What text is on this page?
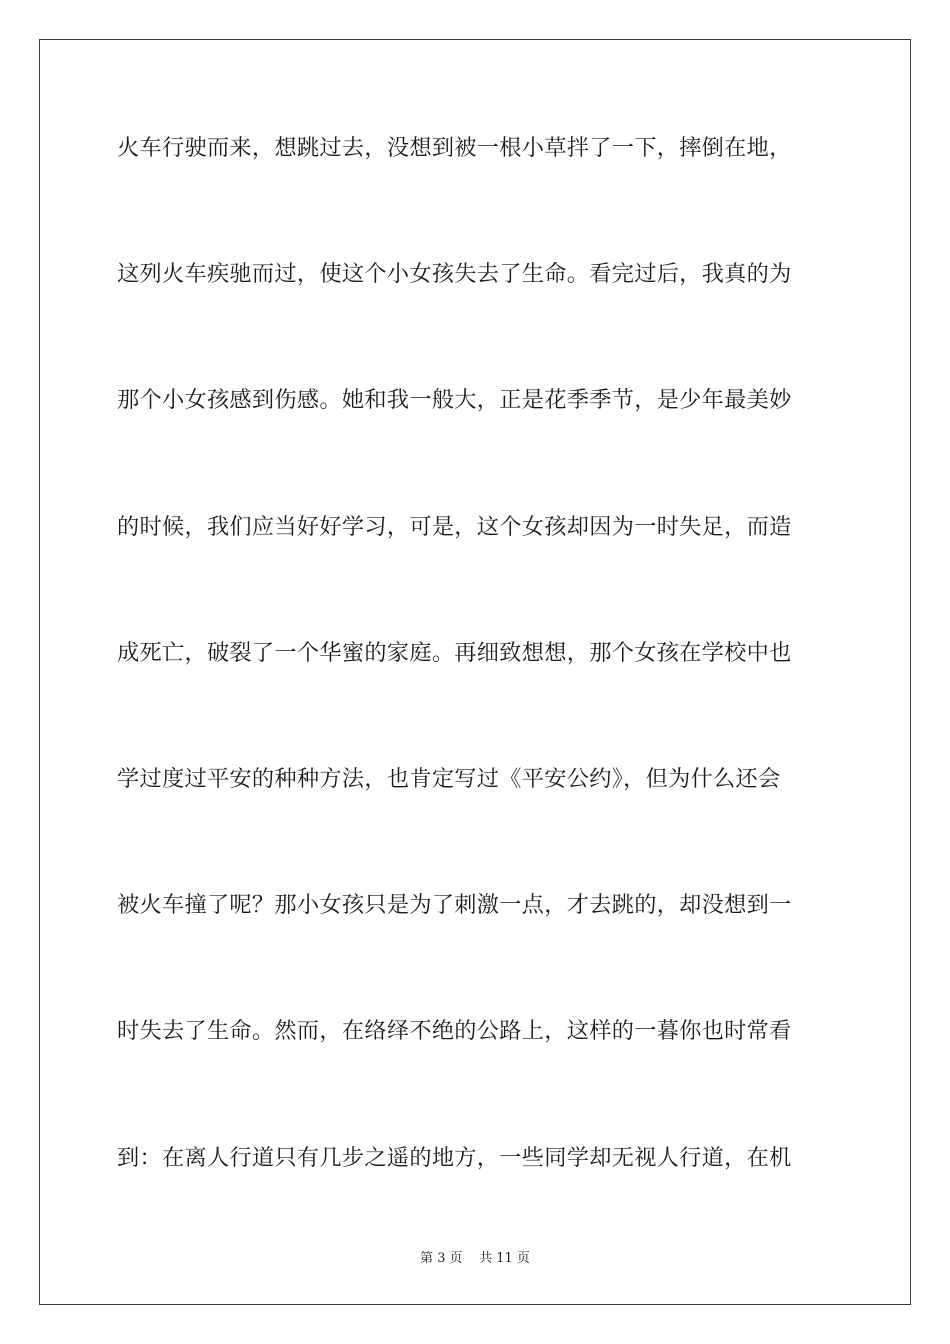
火车行驶而来，想跳过去，没想到被一根小草拌了一下，摔倒在地，
这列火车疾驰而过，使这个小女孩失去了生命。看完过后，我真的为
那个小女孩感到伤感。她和我一般大，正是花季季节，是少年最美妙
的时候，我们应当好好学习，可是，这个女孩却因为一时失足，而造
成死亡，破裂了一个华蜜的家庭。再细致想想，那个女孩在学校中也
学过度过平安的种种方法，也肯定写过《平安公约》，但为什么还会
被火车撞了呢？那小女孩只是为了刺激一点，才去跳的，却没想到一
时失去了生命。然而，在络绎不绝的公路上，这样的一暮你也时常看
到：在离人行道只有几步之遥的地方，一些同学却无视人行道，在机
第 3 页    共 11 页
